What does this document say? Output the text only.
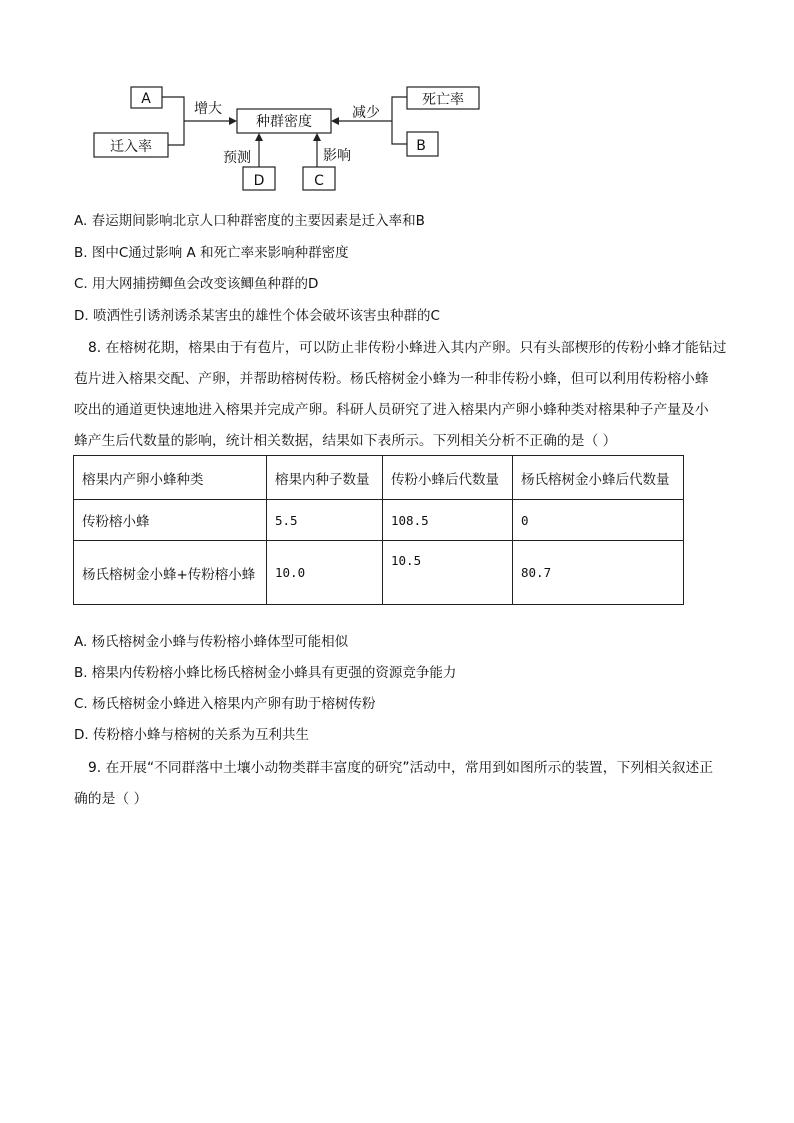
A
迁入率
种群密度
死亡率
B
D	C
增大	减少
预测	影响
A. 春运期间影响北京人口种群密度的主要因素是迁入率和B
B. 图中C通过影响 A 和死亡率来影响种群密度
C. 用大网捕捞鲫鱼会改变该鲫鱼种群的D
D. 喷洒性引诱剂诱杀某害虫的雄性个体会破坏该害虫种群的C
8. 在榕树花期，榕果由于有苞片，可以防止非传粉小蜂进入其内产卵。只有头部楔形的传粉小蜂才能钻过
苞片进入榕果交配、产卵，并帮助榕树传粉。杨氏榕树金小蜂为一种非传粉小蜂，但可以利用传粉榕小蜂
咬出的通道更快速地进入榕果并完成产卵。科研人员研究了进入榕果内产卵小蜂种类对榕果种子产量及小
蜂产生后代数量的影响，统计相关数据，结果如下表所示。下列相关分析不正确的是（ ）
榕果内产卵小蜂种类	榕果内种子数量	传粉小蜂后代数量	杨氏榕树金小蜂后代数量
传粉榕小蜂	5.5	108.5	0
杨氏榕树金小蜂+传粉榕小蜂	10.0	10.5	80.7
A. 杨氏榕树金小蜂与传粉榕小蜂体型可能相似
B. 榕果内传粉榕小蜂比杨氏榕树金小蜂具有更强的资源竞争能力
C. 杨氏榕树金小蜂进入榕果内产卵有助于榕树传粉
D. 传粉榕小蜂与榕树的关系为互利共生
9. 在开展“不同群落中土壤小动物类群丰富度的研究”活动中，常用到如图所示的装置，下列相关叙述正
确的是（ ）
